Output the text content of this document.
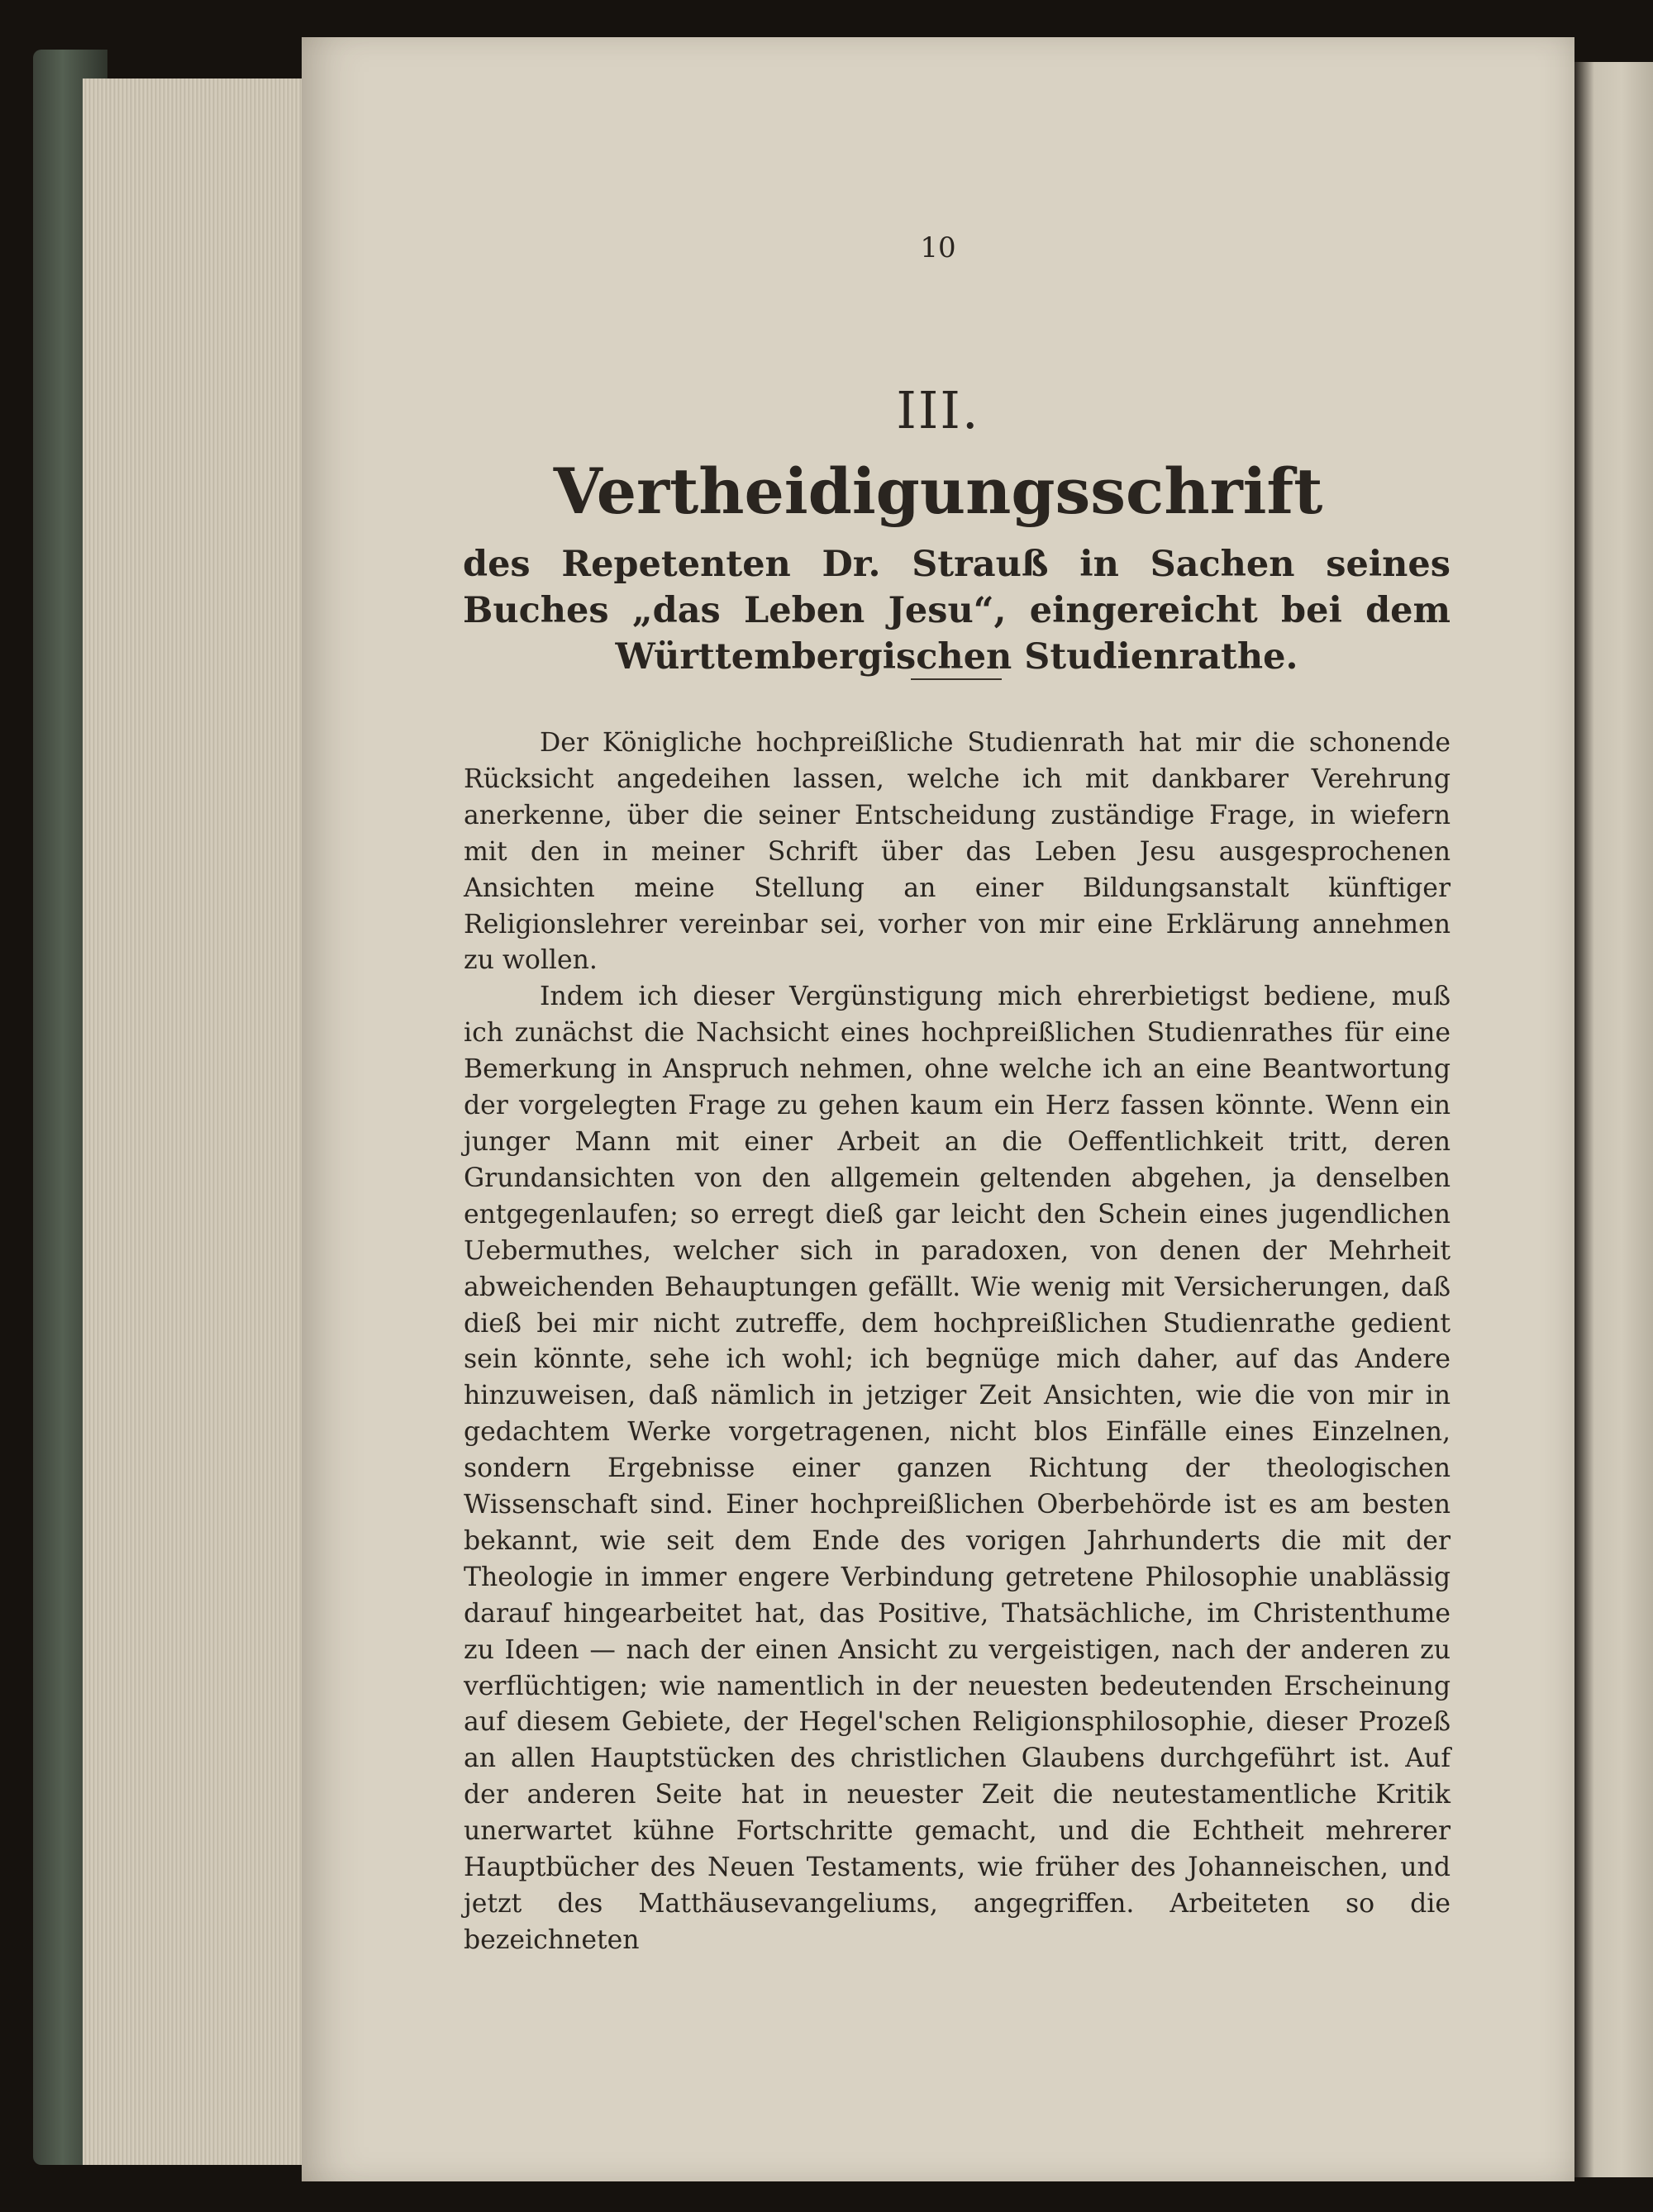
10
III.
Vertheidigungsschrift
des Repetenten Dr. Strauß in Sachen seines Buches „das Leben Jesu“, eingereicht bei dem Württembergischen Studienrathe.

Der Königliche hochpreißliche Studienrath hat mir die schonende Rücksicht angedeihen lassen, welche ich mit dankbarer Verehrung anerkenne, über die seiner Entscheidung zuständige Frage, in wiefern mit den in meiner Schrift über das Leben Jesu ausgesprochenen Ansichten meine Stellung an einer Bildungsanstalt künftiger Religionslehrer vereinbar sei, vorher von mir eine Erklärung annehmen zu wollen.

Indem ich dieser Vergünstigung mich ehrerbietigst bediene, muß ich zunächst die Nachsicht eines hochpreißlichen Studienrathes für eine Bemerkung in Anspruch nehmen, ohne welche ich an eine Beantwortung der vorgelegten Frage zu gehen kaum ein Herz fassen könnte. Wenn ein junger Mann mit einer Arbeit an die Oeffentlichkeit tritt, deren Grundansichten von den allgemein geltenden abgehen, ja denselben entgegenlaufen; so erregt dieß gar leicht den Schein eines jugendlichen Uebermuthes, welcher sich in paradoxen, von denen der Mehrheit abweichenden Behauptungen gefällt. Wie wenig mit Versicherungen, daß dieß bei mir nicht zutreffe, dem hochpreißlichen Studienrathe gedient sein könnte, sehe ich wohl; ich begnüge mich daher, auf das Andere hinzuweisen, daß nämlich in jetziger Zeit Ansichten, wie die von mir in gedachtem Werke vorgetragenen, nicht blos Einfälle eines Einzelnen, sondern Ergebnisse einer ganzen Richtung der theologischen Wissenschaft sind. Einer hochpreißlichen Oberbehörde ist es am besten bekannt, wie seit dem Ende des vorigen Jahrhunderts die mit der Theologie in immer engere Verbindung getretene Philosophie unablässig darauf hingearbeitet hat, das Positive, Thatsächliche, im Christenthume zu Ideen — nach der einen Ansicht zu vergeistigen, nach der anderen zu verflüchtigen; wie namentlich in der neuesten bedeutenden Erscheinung auf diesem Gebiete, der Hegel'schen Religionsphilosophie, dieser Prozeß an allen Hauptstücken des christlichen Glaubens durchgeführt ist. Auf der anderen Seite hat in neuester Zeit die neutestamentliche Kritik unerwartet kühne Fortschritte gemacht, und die Echtheit mehrerer Hauptbücher des Neuen Testaments, wie früher des Johanneischen, und jetzt des Matthäusevangeliums, angegriffen. Arbeiteten so die bezeichneten
